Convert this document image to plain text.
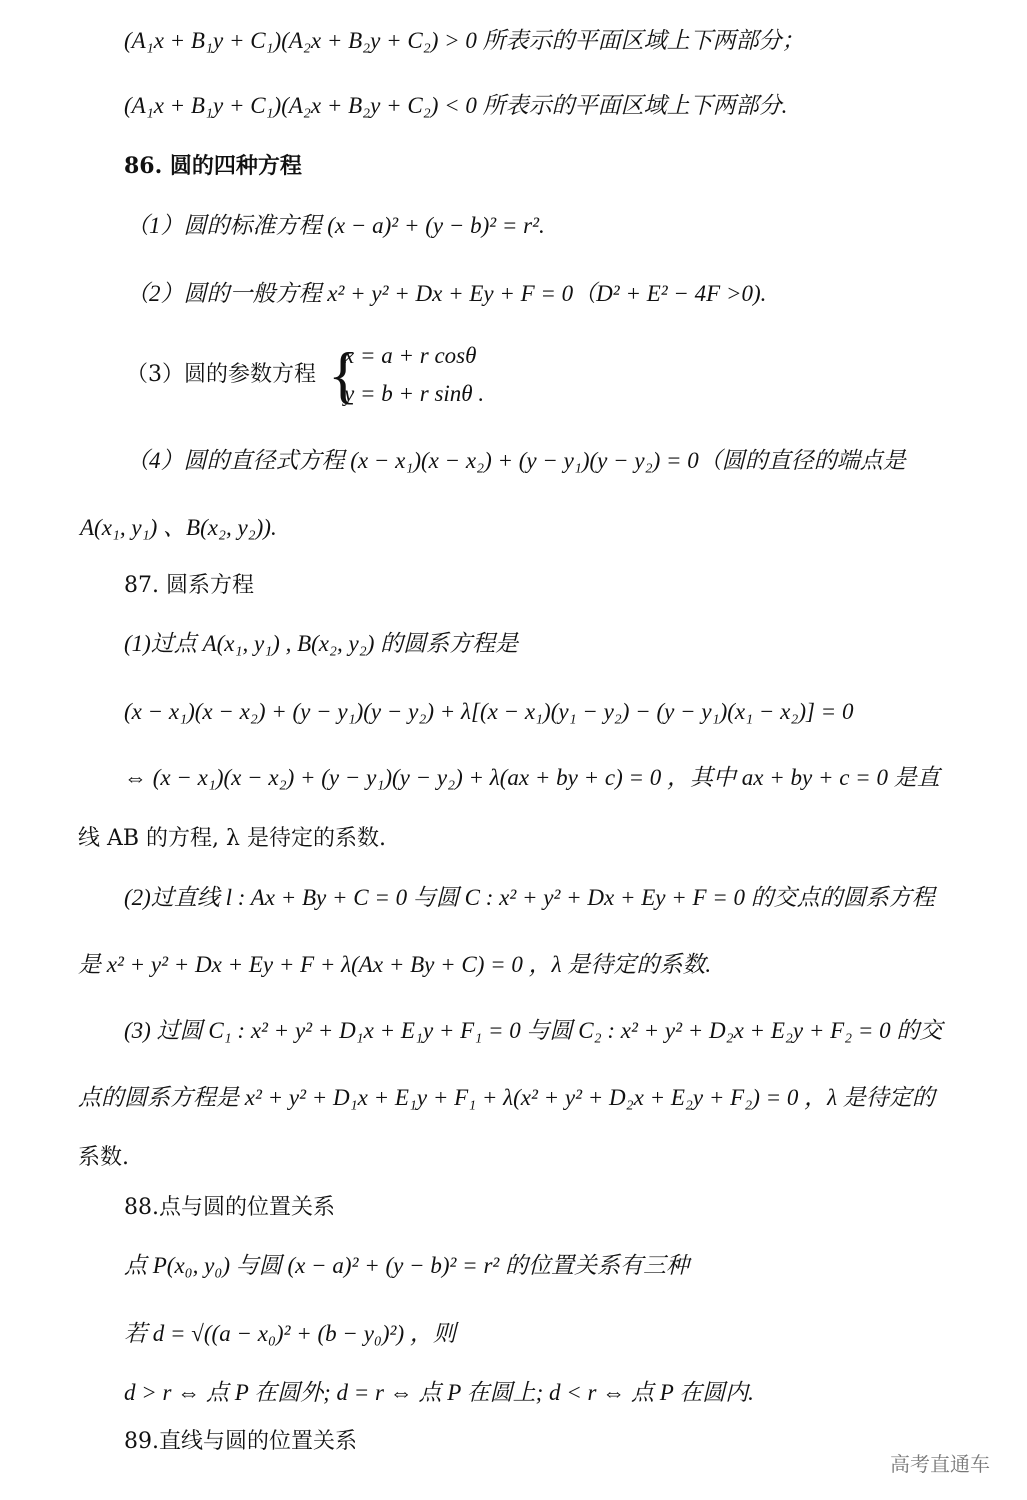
(A₁x + B₁y + C₁)(A₂x + B₂y + C₂) > 0 所表示的平面区域上下两部分；
(A₁x + B₁y + C₁)(A₂x + B₂y + C₂) < 0 所表示的平面区域上下两部分.
86. 圆的四种方程
（1）圆的标准方程 (x − a)² + (y − b)² = r².
（2）圆的一般方程 x² + y² + Dx + Ey + F = 0（D² + E² − 4F >0).
（3）圆的参数方程 {
x = a + r cosθ
y = b + r sinθ .
（4）圆的直径式方程 (x − x₁)(x − x₂) + (y − y₁)(y − y₂) = 0（圆的直径的端点是
A(x₁, y₁) 、B(x₂, y₂)).
87. 圆系方程
(1)过点 A(x₁, y₁) , B(x₂, y₂) 的圆系方程是
(x − x₁)(x − x₂) + (y − y₁)(y − y₂) + λ[(x − x₁)(y₁ − y₂) − (y − y₁)(x₁ − x₂)] = 0
⇔ (x − x₁)(x − x₂) + (y − y₁)(y − y₂) + λ(ax + by + c) = 0 ，其中 ax + by + c = 0 是直
线 AB 的方程, λ 是待定的系数.
(2)过直线 l : Ax + By + C = 0 与圆 C : x² + y² + Dx + Ey + F = 0 的交点的圆系方程
是 x² + y² + Dx + Ey + F + λ(Ax + By + C) = 0 ，λ 是待定的系数.
(3) 过圆 C₁ : x² + y² + D₁x + E₁y + F₁ = 0 与圆 C₂ : x² + y² + D₂x + E₂y + F₂ = 0 的交
点的圆系方程是 x² + y² + D₁x + E₁y + F₁ + λ(x² + y² + D₂x + E₂y + F₂) = 0 ，λ 是待定的
系数.
88.点与圆的位置关系
点 P(x₀, y₀) 与圆 (x − a)² + (y − b)² = r² 的位置关系有三种
若 d = √((a − x₀)² + (b − y₀)²) ，则
d > r ⇔ 点 P 在圆外; d = r ⇔ 点 P 在圆上; d < r ⇔ 点 P 在圆内.
89.直线与圆的位置关系
高考直通车
